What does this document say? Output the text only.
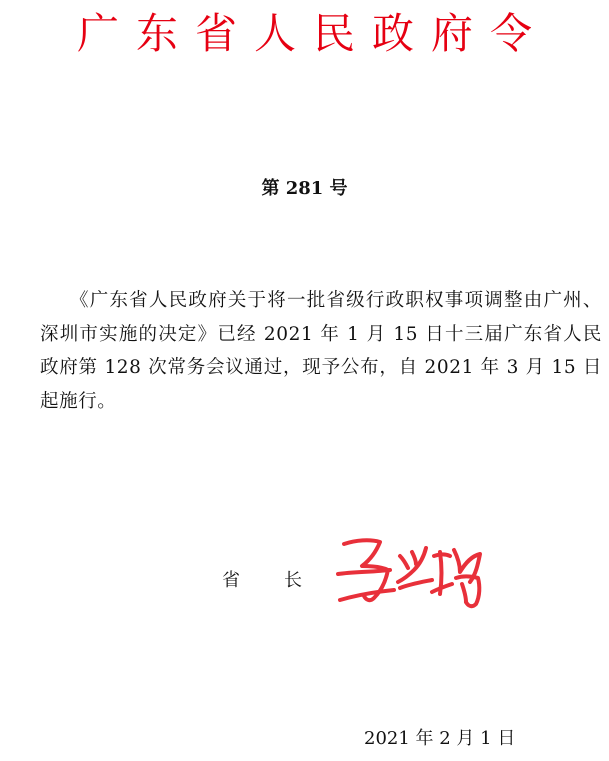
广东省人民政府令
第 281 号
《广东省人民政府关于将一批省级行政职权事项调整由广州、深圳市实施的决定》已经 2021 年 1 月 15 日十三届广东省人民政府第 128 次常务会议通过，现予公布，自 2021 年 3 月 15 日起施行。
省长
2021 年 2 月 1 日
